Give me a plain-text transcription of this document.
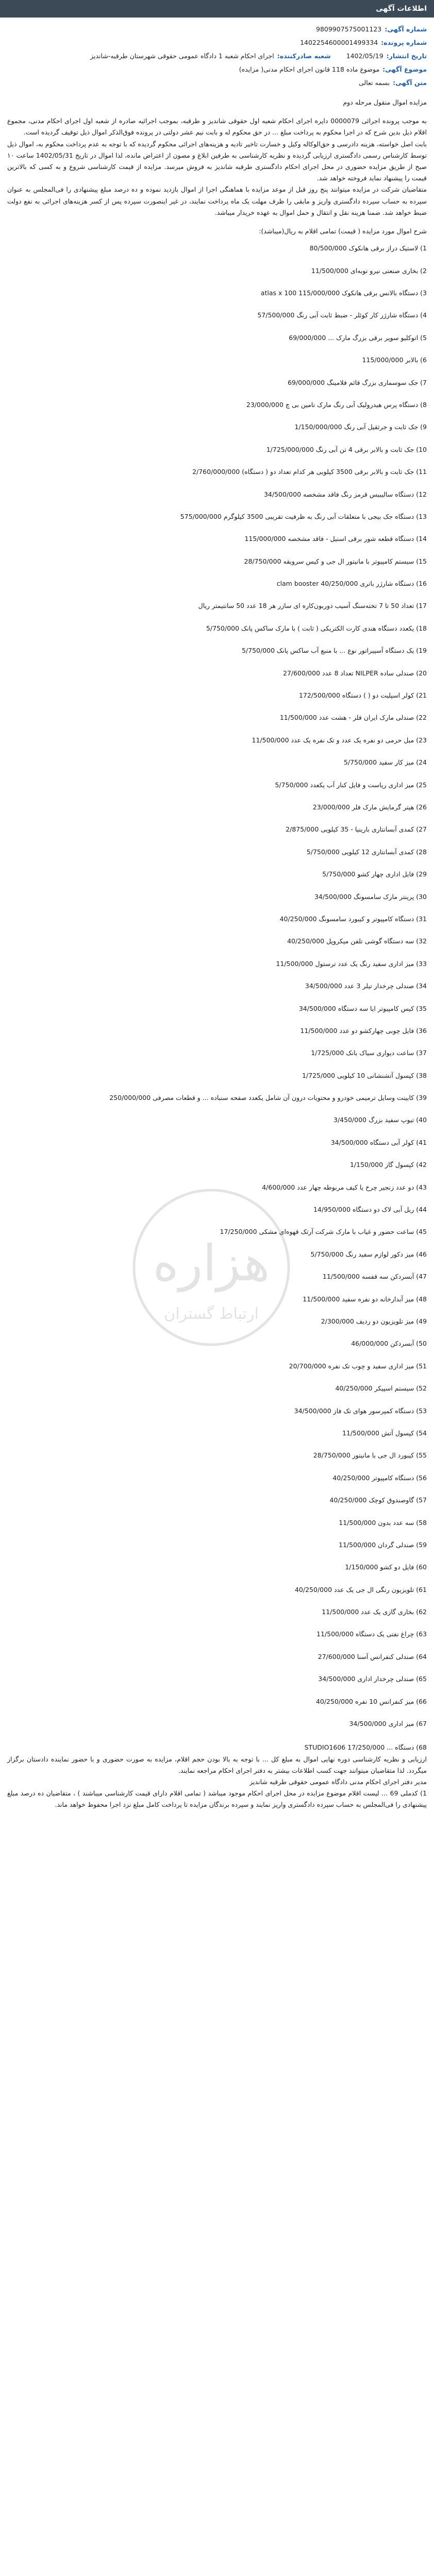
اطلاعات آگهی
شماره آگهی:
9809907575001123
شماره پرونده:
1402254600001499334
تاریخ انتشار:
1402/05/19
شعبه صادرکننده:
اجرای احکام شعبه 1 دادگاه عمومی حقوقی شهرستان طرقبه-شاندیز
موضوع آگهی:
موضوع ماده 118 قانون اجرای احکام مدنی( مزایده)
متن آگهی:
بسمه تعالی

مزایده اموال منقول مرحله دوم

به موجب پرونده اجرائی 0000079 دایره اجرای احکام شعبه اول حقوقی شاندیز و طرقبه، بموجب اجرائیه صادره از شعبه اول اجرای احکام مدنی، مجموع اقلام ذیل بدین شرح که در اجرا محکوم به پرداخت مبلغ ... در حق محکوم له و بابت نیم عشر دولتی در پرونده فوق‌الذکر اموال ذیل توقیف گردیده است.

بابت اصل خواسته، هزینه دادرسی و حق‌الوکاله وکیل و خسارت تاخیر تادیه و هزینه‌های اجرائی محکوم گردیده که با توجه به عدم پرداخت محکوم به، اموال ذیل توسط کارشناس رسمی دادگستری ارزیابی گردیده و نظریه کارشناسی به طرفین ابلاغ و مصون از اعتراض مانده، لذا اموال در تاریخ 1402/05/31 ساعت ۱۰ صبح از طریق مزایده حضوری در محل اجرای احکام دادگستری طرقبه شاندیز به فروش میرسد. مزایده از قیمت کارشناسی شروع و به کسی که بالاترین قیمت را پیشنهاد نماید فروخته خواهد شد.

متقاضیان شرکت در مزایده میتوانند پنج روز قبل از موعد مزایده با هماهنگی اجرا از اموال بازدید نموده و ده درصد مبلغ پیشنهادی را فی‌المجلس به عنوان سپرده به حساب سپرده دادگستری واریز و مابقی را ظرف مهلت یک ماه پرداخت نمایند، در غیر اینصورت سپرده پس از کسر هزینه‌های اجرائی به نفع دولت ضبط خواهد شد. ضمنا هزینه نقل و انتقال و حمل اموال به عهده خریدار میباشد.

شرح اموال مورد مزایده ( قیمت) تمامی اقلام به ریال(میباشد):

1) لاستیک دراز برقی هانکوک 80/500/000
2) بخاری صنعتی نیرو نوبه‌ای 11/500/000
3) دستگاه بالانس برقی هانکوک 115/000/000 atlas x 100
4) دستگاه شارژر کار کوئلر - ضبط ثابت آبی رنگ 57/500/000
5) اتوکلیو سوپر برقی بزرگ مارک ... 69/000/000
6) بالابر 115/000/000
7) جک سوسماری بزرگ قائم فلامینگ 69/000/000
8) دستگاه پرس هیدرولیک آبی رنگ مارک تامین بی چ 23/000/000
9) جک ثابت و جرثقیل آبی رنگ 1/150/000/000
10) جک ثابت و بالابر برقی 4 تن آبی رنگ 1/725/000/000
11) جک ثابت و بالابر برقی 3500 کیلویی هر کدام تعداد دو ( دستگاه) 2/760/000/000
12) دستگاه سالیبیس قرمز رنگ فاقد مشخصه 34/500/000
13) دستگاه جک بیجی با متعلقات آبی رنگ به ظرفیت تقریبی 3500 کیلوگرم 575/000/000
14) دستگاه قطعه شور برقی اسنیل - فاقد مشخصه 115/000/000
15) سیستم کامپیوتر با مانیتور ال جی و کیس سرویقه 28/750/000
16) دستگاه شارژر باتری 40/250/000 clam booster
17) تعداد 50 تا 7 تخته‌سنگ آسیب دوربون‌کاره ای سازر هر 18 عدد 50 سانتیمتر ریال
18) یکعدد دستگاه هندی کارت الکتریکی ( ثابت ) با مارک ساکس پانک 5/750/000
19) یک دستگاه آسپیراتور نوع ... با منبع آب ساکس پانک 5/750/000
20) صندلی ساده NILPER تعداد 8 عدد 27/600/000
21) کولر اسپلیت دو ( ) دستگاه 172/500/000
22) صندلی مارک ایران فلز - هشت عدد 11/500/000
23) مبل حرمی دو نفره یک عدد و تک نفره یک عدد 11/500/000
24) میز کار سفید 5/750/000
25) میز اداری ریاست و فایل کنار آب یکعدد 5/750/000
26) هیتر گرمایش مارک فلر 23/000/000
27) کمدی آبسانتاری بارینیا - 35 کیلویی 2/875/000
28) کمدی آبسانتاری 12 کیلویی 5/750/000
29) فایل اداری چهار کشو 5/750/000
30) پرینتر مارک سامسونگ 34/500/000
31) دستگاه کامپیوتر و کیبورد سامسونگ 40/250/000
32) سه دستگاه گوشی تلفن میکروپل 40/250/000
33) میز اداری سفید رنگ یک عدد ترستول 11/500/000
34) صندلی چرخدار تیلر 3 عدد 34/500/000
35) کیس کامپیوتر ایا سه دستگاه 34/500/000
36) فایل چوبی چهارکشو دو عدد 11/500/000
37) ساعت دیواری سیاک بانک 1/725/000
38) کپسول آتشنشانی 10 کیلویی 1/725/000
39) کابینت وسایل ترمیمی خودرو و محتویات درون آن شامل یکعدد صفحه سنباده ... و قطعات مصرفی 250/000/000
40) تیوپ سفید بزرگ 3/450/000
41) کولر آبی دستگاه 34/500/000
42) کپسول گاز 1/150/000
43) دو عدد زنجیر چرخ یا کیف مربوطه چهار عدد 4/600/000
44) ریل آبی لاک دو دستگاه 14/950/000
45) ساعت حضور و غیاب با مارک شرکت آرتک قهوه‌ای مشکی 17/250/000
46) میز دکور لوازم سفید رنگ 5/750/000
47) آبسردکن سه قفسه 11/500/000
48) میز آبدارخانه دو نفره سفید 11/500/000
49) میز تلویزیون دو ردیف 2/300/000
50) آبسردکن 46/000/000
51) میز اداری سفید و چوب تک نفره 20/700/000
52) سیستم اسپیکر 40/250/000
53) دستگاه کمپرسور هوای تک فاز 34/500/000
54) کپسول آتش 11/500/000
55) کیبورد ال جی با مانیتور 28/750/000
56) دستگاه کامپیوتر 40/250/000
57) گاوصندوق کوچک 40/250/000
58) سه عدد بدون 11/500/000
59) صندلی گردان 11/500/000
60) فایل دو کشو 1/150/000
61) تلویزیون رنگی ال جی یک عدد 40/250/000
62) بخاری گازی یک عدد 11/500/000
63) چراغ نفتی یک دستگاه 11/500/000
64) صندلی کنفرانس آسنا 27/600/000
65) صندلی چرخدار اداری 34/500/000
66) میز کنفرانس 10 نفره 40/250/000
67) میز اداری 34/500/000

68) دستگاه ... 17/250/000 STUDIO1606

ارزیابی و نظریه کارشناسی دوره نهایی اموال به مبلغ کل ... با توجه به بالا بودن حجم اقلام، مزایده به صورت حضوری و با حضور نماینده دادستان برگزار میگردد. لذا متقاضیان میتوانند جهت کسب اطلاعات بیشتر به دفتر اجرای احکام مراجعه نمایند.

مدیر دفتر اجرای احکام مدنی دادگاه عمومی حقوقی طرقبه شاندیز

1) کدملی 69 ... لیست اقلام موضوع مزایده در محل اجرای احکام موجود میباشد ( تمامی اقلام دارای قیمت کارشناسی میباشند ) ، متقاضیان ده درصد مبلغ پیشنهادی را فی‌المجلس به حساب سپرده دادگستری واریز نمایند و سپرده برندگان مزایده تا پرداخت کامل مبلغ نزد اجرا محفوظ خواهد ماند.

هزاره
ارتباط گستران
